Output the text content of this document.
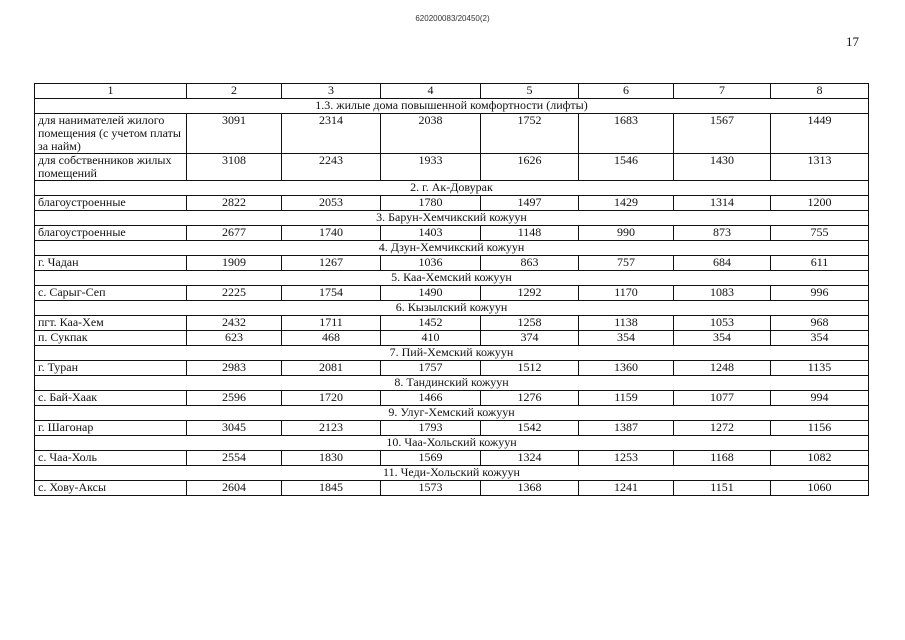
620200083/20450(2)
17
1	2	3	4	5	6	7	8
1.3. жилые дома повышенной комфортности (лифты)							
для нанимателей жилого помещения (с учетом платы за найм)	3091	2314	2038	1752	1683	1567	1449
для собственников жилых помещений	3108	2243	1933	1626	1546	1430	1313
2. г. Ак-Довурак							
благоустроенные	2822	2053	1780	1497	1429	1314	1200
3. Барун-Хемчикский кожуун							
благоустроенные	2677	1740	1403	1148	990	873	755
4. Дзун-Хемчикский кожуун							
г. Чадан	1909	1267	1036	863	757	684	611
5. Каа-Хемский кожуун							
с. Сарыг-Сеп	2225	1754	1490	1292	1170	1083	996
6. Кызылский кожуун							
пгт. Каа-Хем	2432	1711	1452	1258	1138	1053	968
п. Сукпак	623	468	410	374	354	354	354
7. Пий-Хемский кожуун							
г. Туран	2983	2081	1757	1512	1360	1248	1135
8. Тандинский кожуун							
с. Бай-Хаак	2596	1720	1466	1276	1159	1077	994
9. Улуг-Хемский кожуун							
г. Шагонар	3045	2123	1793	1542	1387	1272	1156
10. Чаа-Хольский кожуун							
с. Чаа-Холь	2554	1830	1569	1324	1253	1168	1082
11. Чеди-Хольский кожуун							
с. Хову-Аксы	2604	1845	1573	1368	1241	1151	1060
